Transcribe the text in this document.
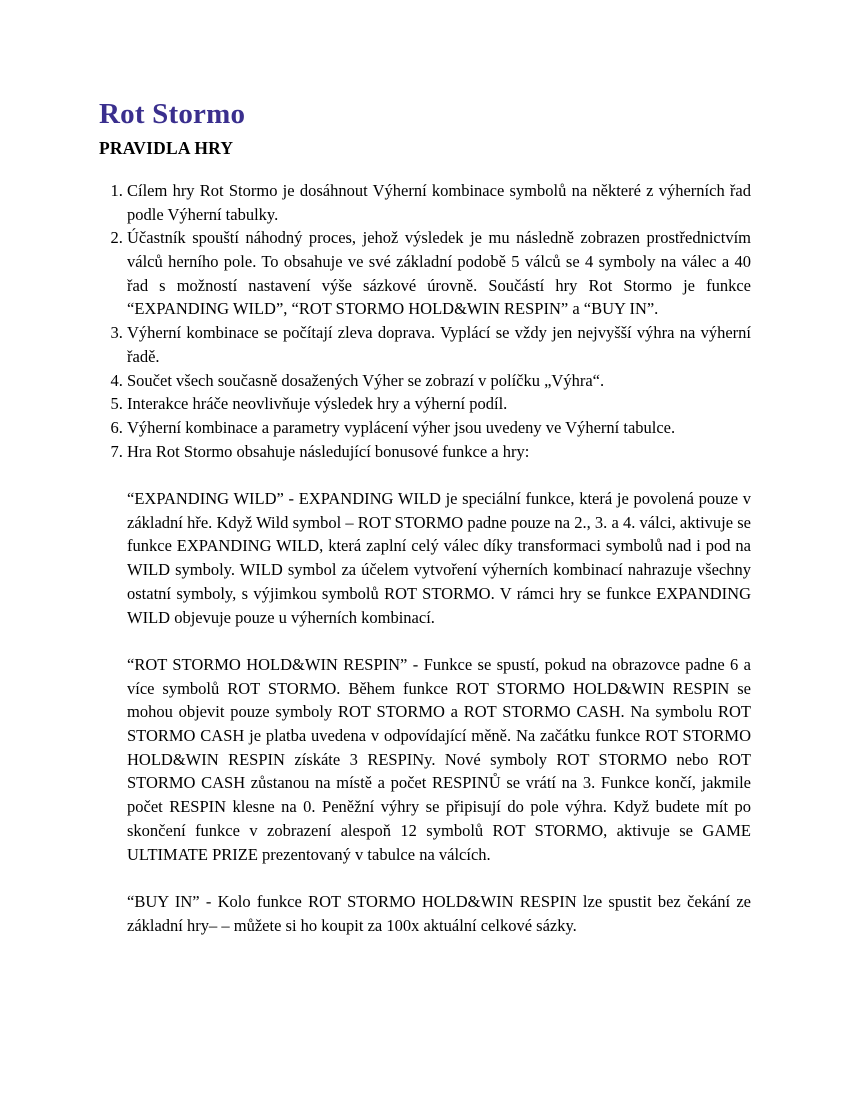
Rot Stormo
PRAVIDLA HRY
1. Cílem hry Rot Stormo je dosáhnout Výherní kombinace symbolů na některé z výherních řad podle Výherní tabulky.
2. Účastník spouští náhodný proces, jehož výsledek je mu následně zobrazen prostřednictvím válců herního pole. To obsahuje ve své základní podobě 5 válců se 4 symboly na válec a 40 řad s možností nastavení výše sázkové úrovně. Součástí hry Rot Stormo je funkce “EXPANDING WILD”, “ROT STORMO HOLD&WIN RESPIN” a “BUY IN”.
3. Výherní kombinace se počítají zleva doprava. Vyplácí se vždy jen nejvyšší výhra na výherní řadě.
4. Součet všech současně dosažených Výher se zobrazí v políčku „Výhra“.
5. Interakce hráče neovlivňuje výsledek hry a výherní podíl.
6. Výherní kombinace a parametry vyplácení výher jsou uvedeny ve Výherní tabulce.
7. Hra Rot Stormo obsahuje následující bonusové funkce a hry:

“EXPANDING WILD” - EXPANDING WILD je speciální funkce, která je povolená pouze v základní hře. Když Wild symbol – ROT STORMO padne pouze na 2., 3. a 4. válci, aktivuje se funkce EXPANDING WILD, která zaplní celý válec díky transformaci symbolů nad i pod na WILD symboly. WILD symbol za účelem vytvoření výherních kombinací nahrazuje všechny ostatní symboly, s výjimkou symbolů ROT STORMO. V rámci hry se funkce EXPANDING WILD objevuje pouze u výherních kombinací.

“ROT STORMO HOLD&WIN RESPIN” - Funkce se spustí, pokud na obrazovce padne 6 a více symbolů ROT STORMO. Během funkce ROT STORMO HOLD&WIN RESPIN se mohou objevit pouze symboly ROT STORMO a ROT STORMO CASH. Na symbolu ROT STORMO CASH je platba uvedena v odpovídající měně. Na začátku funkce ROT STORMO HOLD&WIN RESPIN získáte 3 RESPINy. Nové symboly ROT STORMO nebo ROT STORMO CASH zůstanou na místě a počet RESPINŮ se vrátí na 3. Funkce končí, jakmile počet RESPIN klesne na 0. Peněžní výhry se připisují do pole výhra. Když budete mít po skončení funkce v zobrazení alespoň 12 symbolů ROT STORMO, aktivuje se GAME ULTIMATE PRIZE prezentovaný v tabulce na válcích.

“BUY IN” - Kolo funkce ROT STORMO HOLD&WIN RESPIN lze spustit bez čekání ze základní hry– – můžete si ho koupit za 100x aktuální celkové sázky.
